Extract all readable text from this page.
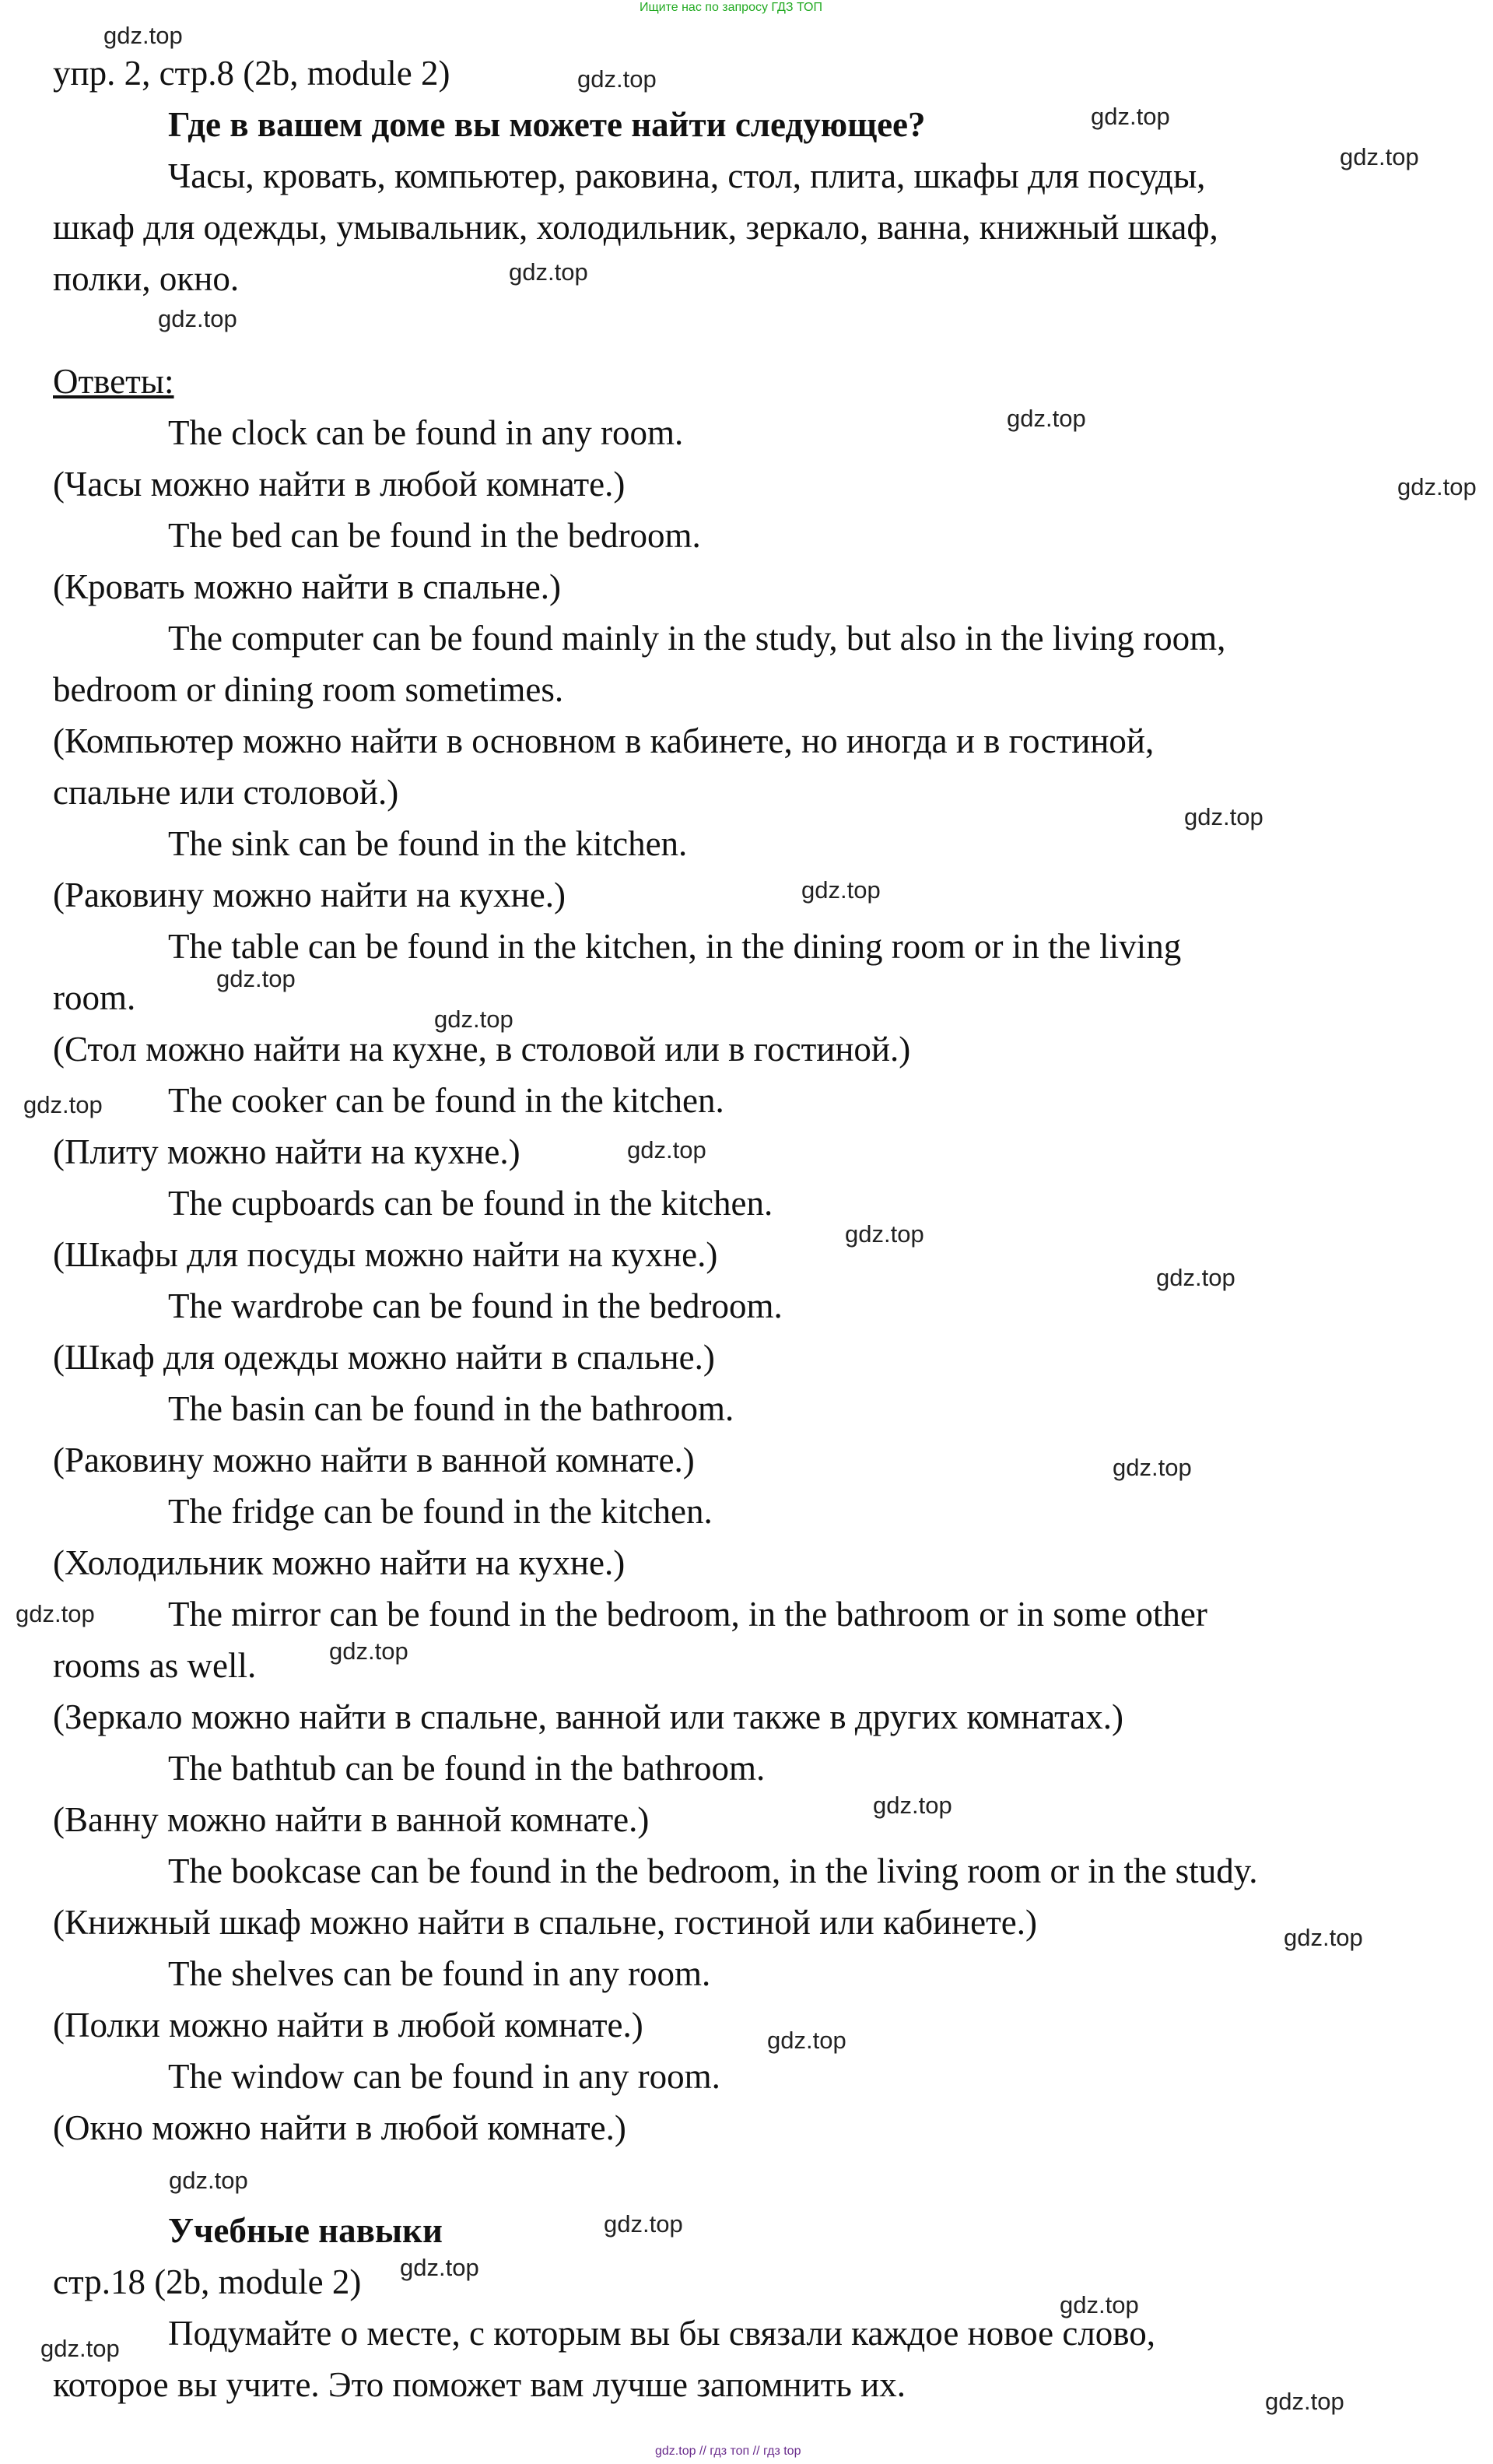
Ищите нас по запросу ГДЗ ТОП
упр. 2, стр.8 (2b, module 2)
Где в вашем доме вы можете найти следующее?
Часы, кровать, компьютер, раковина, стол, плита, шкафы для посуды,
шкаф для одежды, умывальник, холодильник, зеркало, ванна, книжный шкаф,
полки, окно.
Ответы:
The clock can be found in any room.
(Часы можно найти в любой комнате.)
The bed can be found in the bedroom.
(Кровать можно найти в спальне.)
The computer can be found mainly in the study, but also in the living room,
bedroom or dining room sometimes.
(Компьютер можно найти в основном в кабинете, но иногда и в гостиной,
спальне или столовой.)
The sink can be found in the kitchen.
(Раковину можно найти на кухне.)
The table can be found in the kitchen, in the dining room or in the living
room.
(Стол можно найти на кухне, в столовой или в гостиной.)
The cooker can be found in the kitchen.
(Плиту можно найти на кухне.)
The cupboards can be found in the kitchen.
(Шкафы для посуды можно найти на кухне.)
The wardrobe can be found in the bedroom.
(Шкаф для одежды можно найти в спальне.)
The basin can be found in the bathroom.
(Раковину можно найти в ванной комнате.)
The fridge can be found in the kitchen.
(Холодильник можно найти на кухне.)
The mirror can be found in the bedroom, in the bathroom or in some other
rooms as well.
(Зеркало можно найти в спальне, ванной или также в других комнатах.)
The bathtub can be found in the bathroom.
(Ванну можно найти в ванной комнате.)
The bookcase can be found in the bedroom, in the living room or in the study.
(Книжный шкаф можно найти в спальне, гостиной или кабинете.)
The shelves can be found in any room.
(Полки можно найти в любой комнате.)
The window can be found in any room.
(Окно можно найти в любой комнате.)
Учебные навыки
стр.18 (2b, module 2)
Подумайте о месте, с которым вы бы связали каждое новое слово,
которое вы учите. Это поможет вам лучше запомнить их.
gdz.top
gdz.top
gdz.top
gdz.top
gdz.top
gdz.top
gdz.top
gdz.top
gdz.top
gdz.top
gdz.top
gdz.top
gdz.top
gdz.top
gdz.top
gdz.top
gdz.top
gdz.top
gdz.top
gdz.top
gdz.top
gdz.top
gdz.top
gdz.top
gdz.top
gdz.top
gdz.top
gdz.top
gdz.top // гдз топ // гдз top
